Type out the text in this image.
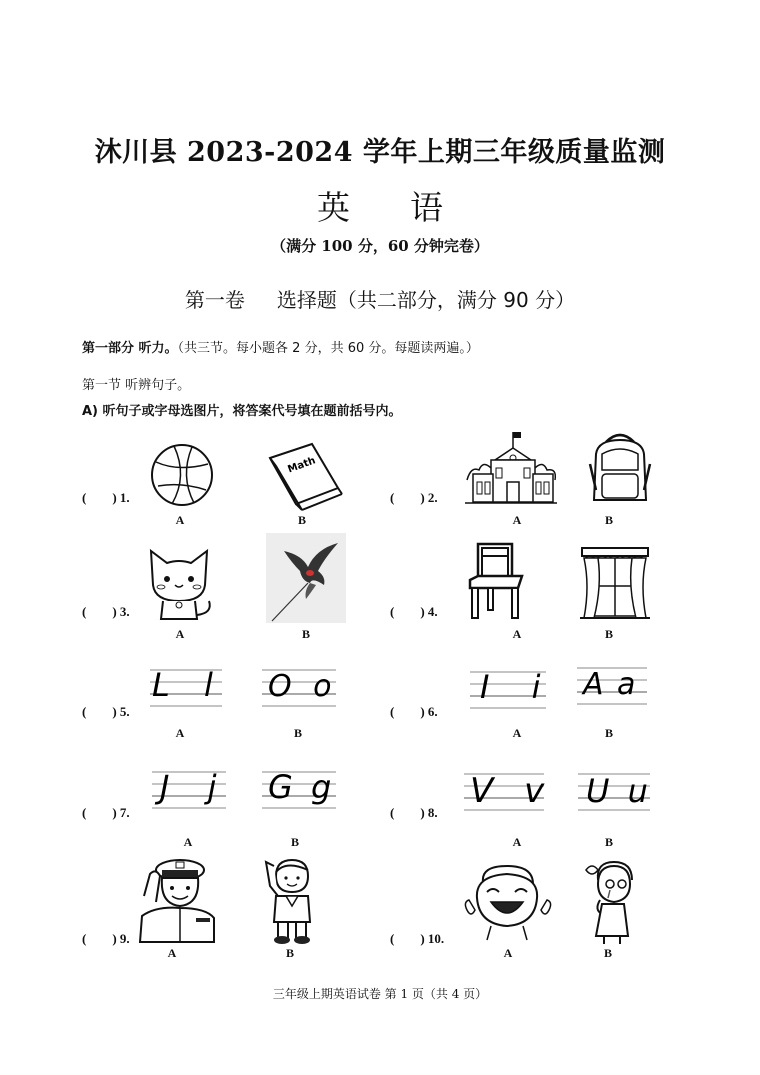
沐川县 2023-2024 学年上期三年级质量监测
英 语
（满分 100 分，60 分钟完卷）
第一卷 选择题（共二部分，满分 90 分）
第一部分 听力。（共三节。每小题各 2 分，共 60 分。每题读两遍。）
第一节 听辨句子。
A) 听句子或字母选图片，将答案代号填在题前括号内。
(        ) 1.	(        ) 2.
(        ) 3.	(        ) 4.
(        ) 5.	(        ) 6.
(        ) 7.	(        ) 8.
(        ) 9.	(        ) 10.
A	B	A	B
A	B	A	B
A	B	A	B
A	B	A	B
A	B	A	B
Math
L l O o	I i A a
J j G g	V v U u
三年级上期英语试卷 第 1 页（共 4 页）
